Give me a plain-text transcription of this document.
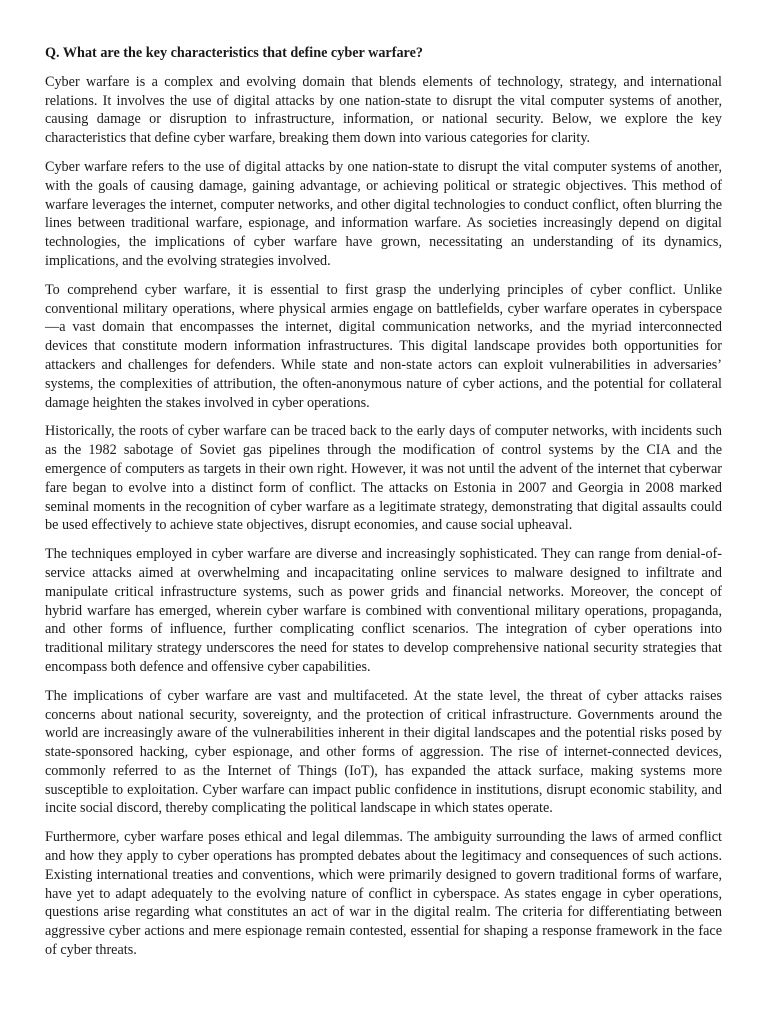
Q. What are the key characteristics that define cyber warfare?

Cyber warfare is a complex and evolving domain that blends elements of technology, strategy, and international relations. It involves the use of digital attacks by one nation-state to disrupt the vital computer systems of another, causing damage or disruption to infrastructure, information, or national security. Below, we explore the key characteristics that define cyber warfare, breaking them down into various categories for clarity.

Cyber warfare refers to the use of digital attacks by one nation-state to disrupt the vital computer systems of another, with the goals of causing damage, gaining advantage, or achieving political or strategic objectives. This method of warfare leverages the internet, computer networks, and other digital technologies to conduct conflict, often blurring the lines between traditional warfare, espionage, and information warfare. As societies increasingly depend on digital technologies, the implications of cyber warfare have grown, necessitating an understanding of its dynamics, implications, and the evolving strategies involved.

To comprehend cyber warfare, it is essential to first grasp the underlying principles of cyber conflict. Unlike conventional military operations, where physical armies engage on battlefields, cyber warfare operates in cyberspace—a vast domain that encompasses the internet, digital communication networks, and the myriad interconnected devices that constitute modern information infrastructures. This digital landscape provides both opportunities for attackers and challenges for defenders. While state and non-state actors can exploit vulnerabilities in adversaries’ systems, the complexities of attribution, the often-anonymous nature of cyber actions, and the potential for collateral damage heighten the stakes involved in cyber operations.

Historically, the roots of cyber warfare can be traced back to the early days of computer networks, with incidents such as the 1982 sabotage of Soviet gas pipelines through the modification of control systems by the CIA and the emergence of computers as targets in their own right. However, it was not until the advent of the internet that cyberwar fare began to evolve into a distinct form of conflict. The attacks on Estonia in 2007 and Georgia in 2008 marked seminal moments in the recognition of cyber warfare as a legitimate strategy, demonstrating that digital assaults could be used effectively to achieve state objectives, disrupt economies, and cause social upheaval.

The techniques employed in cyber warfare are diverse and increasingly sophisticated. They can range from denial-of-service attacks aimed at overwhelming and incapacitating online services to malware designed to infiltrate and manipulate critical infrastructure systems, such as power grids and financial networks. Moreover, the concept of hybrid warfare has emerged, wherein cyber warfare is combined with conventional military operations, propaganda, and other forms of influence, further complicating conflict scenarios. The integration of cyber operations into traditional military strategy underscores the need for states to develop comprehensive national security strategies that encompass both defence and offensive cyber capabilities.

The implications of cyber warfare are vast and multifaceted. At the state level, the threat of cyber attacks raises concerns about national security, sovereignty, and the protection of critical infrastructure. Governments around the world are increasingly aware of the vulnerabilities inherent in their digital landscapes and the potential risks posed by state-sponsored hacking, cyber espionage, and other forms of aggression. The rise of internet-connected devices, commonly referred to as the Internet of Things (IoT), has expanded the attack surface, making systems more susceptible to exploitation. Cyber warfare can impact public confidence in institutions, disrupt economic stability, and incite social discord, thereby complicating the political landscape in which states operate.

Furthermore, cyber warfare poses ethical and legal dilemmas. The ambiguity surrounding the laws of armed conflict and how they apply to cyber operations has prompted debates about the legitimacy and consequences of such actions. Existing international treaties and conventions, which were primarily designed to govern traditional forms of warfare, have yet to adapt adequately to the evolving nature of conflict in cyberspace. As states engage in cyber operations, questions arise regarding what constitutes an act of war in the digital realm. The criteria for differentiating between aggressive cyber actions and mere espionage remain contested, essential for shaping a response framework in the face of cyber threats.
